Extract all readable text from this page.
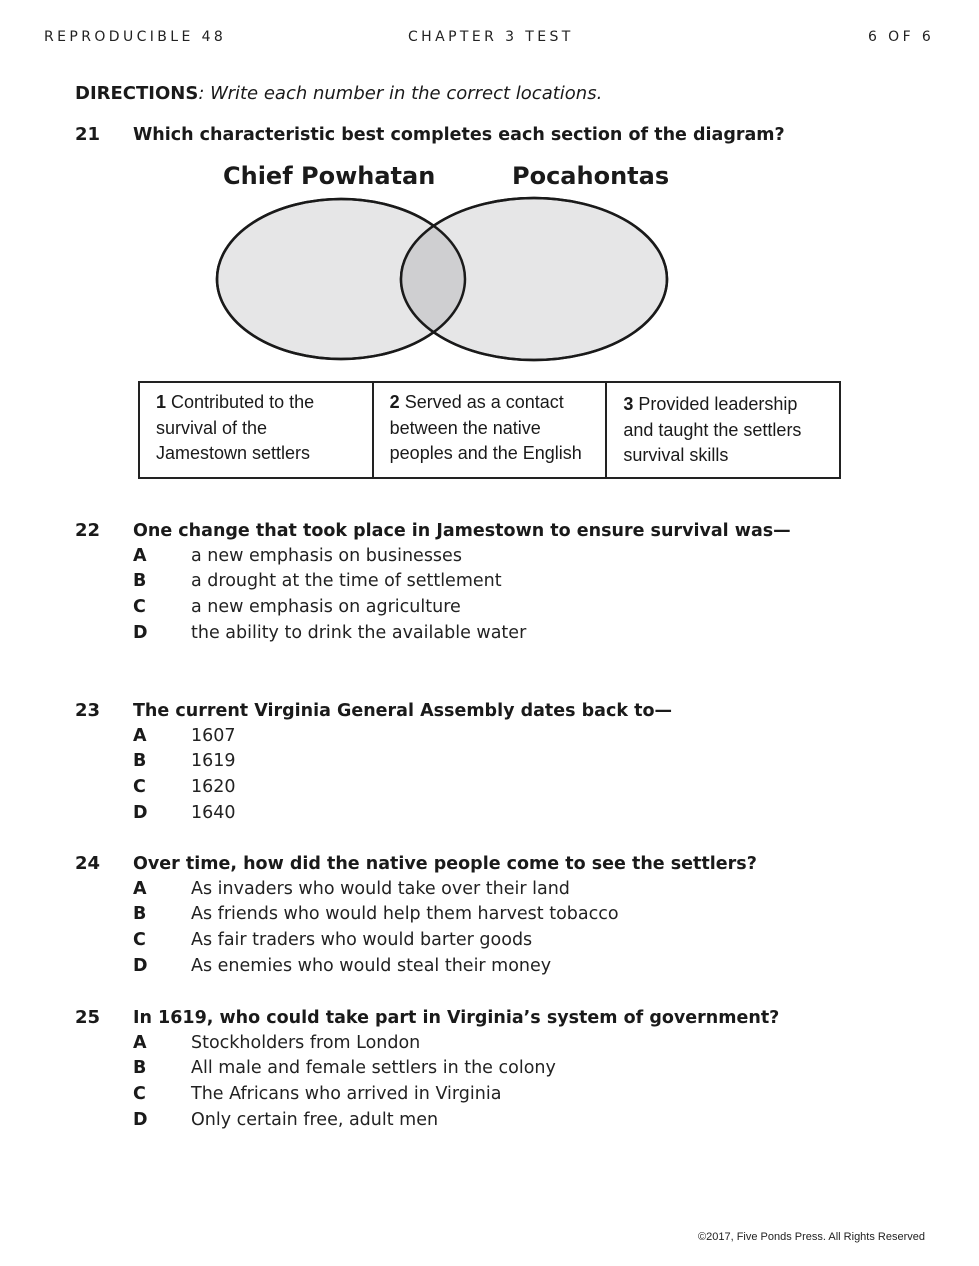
REPRODUCIBLE 48	CHAPTER 3 TEST	6 OF 6
DIRECTIONS: Write each number in the correct locations.
21	Which characteristic best completes each section of the diagram?
Chief Powhatan	Pocahontas
1 Contributed to the survival of the Jamestown settlers	2 Served as a contact between the native peoples and the English	3 Provided leadership and taught the settlers survival skills
22	One change that took place in Jamestown to ensure survival was—
A	a new emphasis on businesses
B	a drought at the time of settlement
C	a new emphasis on agriculture
D	the ability to drink the available water
23	The current Virginia General Assembly dates back to—
A	1607
B	1619
C	1620
D	1640
24	Over time, how did the native people come to see the settlers?
A	As invaders who would take over their land
B	As friends who would help them harvest tobacco
C	As fair traders who would barter goods
D	As enemies who would steal their money
25	In 1619, who could take part in Virginia’s system of government?
A	Stockholders from London
B	All male and female settlers in the colony
C	The Africans who arrived in Virginia
D	Only certain free, adult men
©2017, Five Ponds Press. All Rights Reserved
